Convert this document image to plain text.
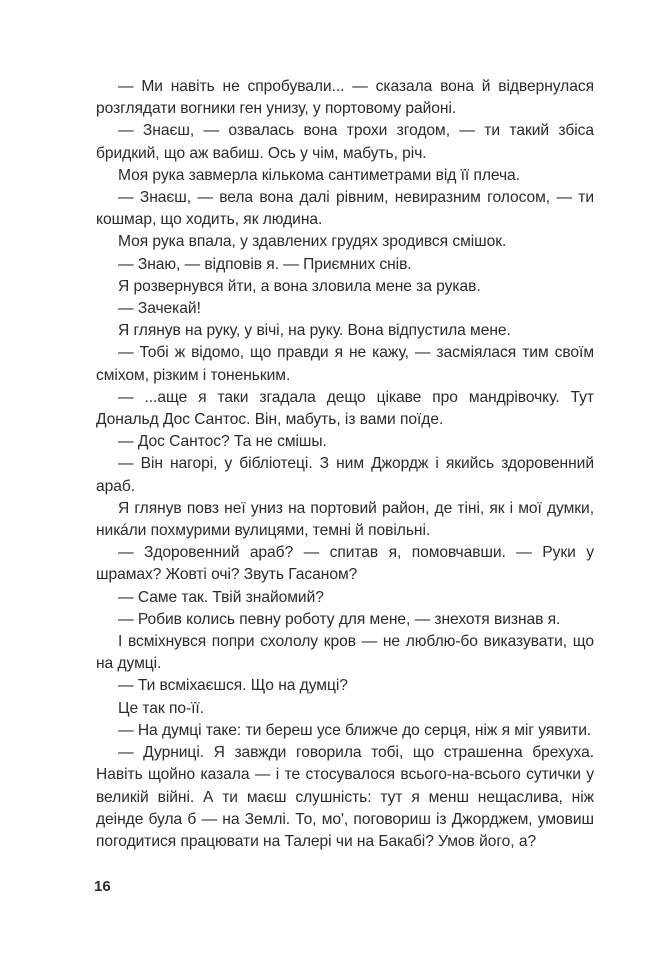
— Ми навіть не спробували... — сказала вона й відвернулася розглядати вогники ген унизу, у портовому районі.

— Знаєш, — озвалась вона трохи згодом, — ти такий збіса бридкий, що аж вабиш. Ось у чім, мабуть, річ.

Моя рука завмерла кількома сантиметрами від її плеча.

— Знаєш, — вела вона далі рівним, невиразним голосом, — ти кошмар, що ходить, як людина.

Моя рука впала, у здавлених грудях зродився смішок.

— Знаю, — відповів я. — Приємних снів.

Я розвернувся йти, а вона зловила мене за рукав.

— Зачекай!

Я глянув на руку, у вічі, на руку. Вона відпустила мене.

— Тобі ж відомо, що правди я не кажу, — засміялася тим своїм сміхом, різким і тоненьким.

— ...аще я таки згадала дещо цікаве про мандрівочку. Тут Дональд Дос Сантос. Він, мабуть, із вами поїде.

— Дос Сантос? Та не смішы.

— Він нагорі, у бібліотеці. З ним Джордж і якийсь здоровенний араб.

Я глянув повз неї униз на портовий район, де тіні, як і мої думки, никáли похмурими вулицями, темні й повільні.

— Здоровенний араб? — спитав я, помовчавши. — Руки у шрамах? Жовті очі? Звуть Гасаном?

— Саме так. Твій знайомий?

— Робив колись певну роботу для мене, — знехотя визнав я.

І всміхнувся попри схололу кров — не люблю-бо виказувати, що на думці.

— Ти всміхаєшся. Що на думці?

Це так по-її.

— На думці таке: ти береш усе ближче до серця, ніж я міг уявити.

— Дурниці. Я завжди говорила тобі, що страшенна брехуха. Навіть щойно казала — і те стосувалося всього-на-всього сутички у великій війні. А ти маєш слушність: тут я менш нещаслива, ніж деінде була б — на Землі. То, мо', поговориш із Джорджем, умовиш погодитися працювати на Талері чи на Бакабі? Умов його, а?

16
